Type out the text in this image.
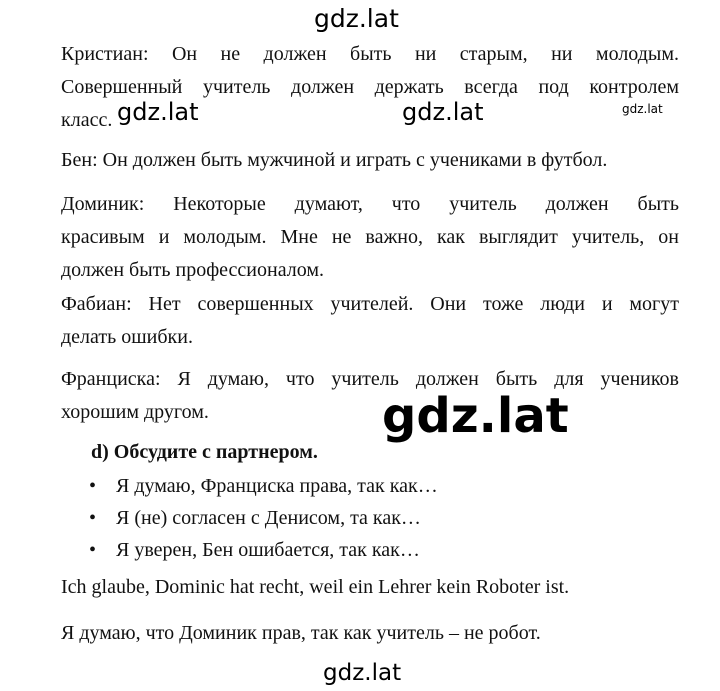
gdz.lat
Кристиан: Он не должен быть ни старым, ни молодым.
Совершенный учитель должен держать всегда под контролем
класс. gdz.lat	gdz.lat	gdz.lat
Бен: Он должен быть мужчиной и играть с учениками в футбол.
Доминик: Некоторые думают, что учитель должен быть
красивым и молодым. Мне не важно, как выглядит учитель, он
должен быть профессионалом.
Фабиан: Нет совершенных учителей. Они тоже люди и могут
делать ошибки.
Франциска: Я думаю, что учитель должен быть для учеников
хорошим другом.	gdz.lat
d) Обсудите с партнером.
• Я думаю, Франциска права, так как…
• Я (не) согласен с Денисом, та как…
• Я уверен, Бен ошибается, так как…
Ich glaube, Dominic hat recht, weil ein Lehrer kein Roboter ist.
Я думаю, что Доминик прав, так как учитель – не робот.
gdz.lat
